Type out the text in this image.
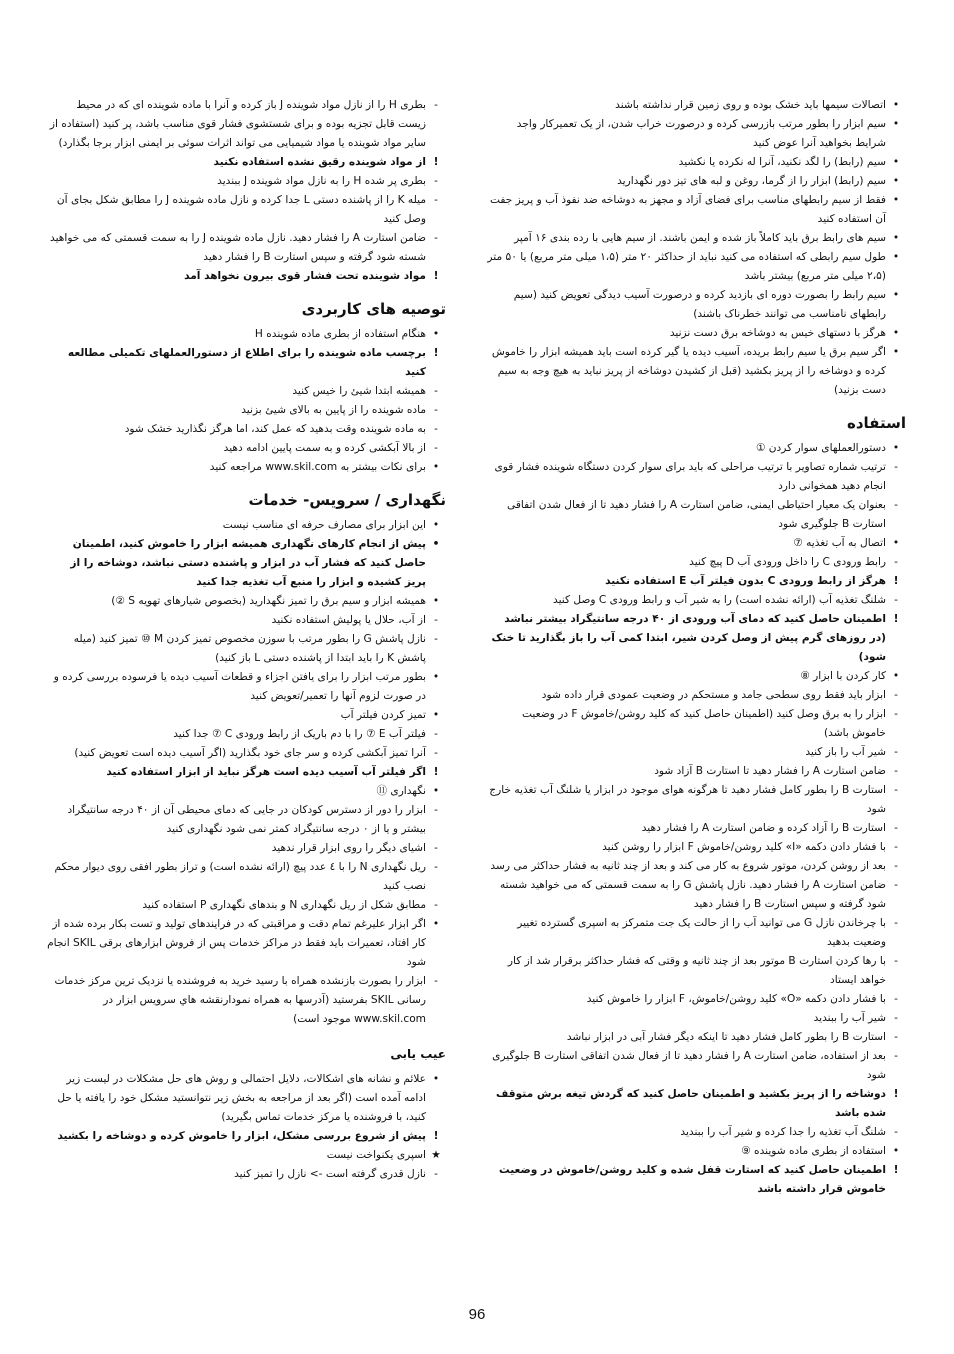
•
اتصالات سیمها باید خشک بوده و روی زمین قرار نداشته باشند
•
سیم ابزار را بطور مرتب بازرسی کرده و درصورت خراب شدن، از یک تعمیرکار واجد شرایط بخواهید آنرا عوض کنید
•
سیم (رابط) را لگد نکنید، آنرا له نکرده یا نکشید
•
سیم (رابط) ابزار را از گرما، روغن و لبه های تیز دور نگهدارید
•
فقط از سیم رابطهای مناسب برای فضای آزاد و مجهز به دوشاخه ضد نفوذ آب و پریز جفت آن استفاده کنید
•
سیم های رابط برق باید کاملاً باز شده و ایمن باشند. از سیم هایی با رده بندی ۱۶ آمپر
•
طول سیم رابطی که استفاده می کنید نباید از حداکثر ۲۰ متر (۱،۵ میلی متر مربع) یا ۵۰ متر (۲،۵ میلی متر مربع) بیشتر باشد
•
سیم رابط را بصورت دوره ای بازدید کرده و درصورت آسیب دیدگی تعویض کنید (سیم رابطهای نامناسب می توانند خطرناک باشند)
•
هرگز با دستهای خیس به دوشاخه برق دست نزنید
•
اگر سیم برق یا سیم رابط بریده، آسیب دیده یا گیر کرده است باید همیشه ابزار را خاموش کرده و دوشاخه را از پریز بکشید (قبل از کشیدن دوشاخه از پریز نباید به هیچ وجه به سیم دست بزنید)
استفاده
•
دستورالعملهای سوار کردن ①
-
ترتیب شماره تصاویر با ترتیب مراحلی که باید برای سوار کردن دستگاه شوینده فشار قوی انجام دهید همخوانی دارد
-
بعنوان یک معیار احتیاطی ایمنی، ضامن استارت A را فشار دهید تا از فعال شدن اتفاقی استارت B جلوگیری شود
•
اتصال به آب تغذیه ⑦
-
رابط ورودی C را داخل ورودی آب D پیچ کنید
!
هرگز از رابط ورودی C بدون فیلتر آب E استفاده نکنید
-
شلنگ تغذیه آب (ارائه نشده است) را به شیر آب و رابط ورودی C وصل کنید
!
اطمینان حاصل کنید که دمای آب ورودی از ۴۰ درجه سانتیگراد بیشتر نباشد (در روزهای گرم پیش از وصل کردن شیر، ابتدا کمی آب را باز بگذارید تا خنک شود)
•
کار کردن با ابزار ⑧
-
ابزار باید فقط روی سطحی جامد و مستحکم در وضعیت عمودی قرار داده شود
-
ابزار را به برق وصل کنید (اطمینان حاصل کنید که کلید روشن/خاموش F در وضعیت خاموش باشد)
-
شیر آب را باز کنید
-
ضامن استارت A را فشار دهید تا استارت B آزاد شود
-
استارت B را بطور کامل فشار دهید تا هرگونه هوای موجود در ابزار یا شلنگ آب تغذیه خارج شود
-
استارت B را آزاد کرده و ضامن استارت A را فشار دهید
-
با فشار دادن دکمه «I» کلید روشن/خاموش F ابزار را روشن کنید
-
بعد از روشن کردن، موتور شروع به کار می کند و بعد از چند ثانیه به فشار حداکثر می رسد
-
ضامن استارت A را فشار دهید. نازل پاشش G را به سمت قسمتی که می خواهید شسته شود گرفته و سپس استارت B را فشار دهید
-
با چرخاندن نازل G می توانید آب را از حالت یک جت متمرکز به اسپری گسترده تغییر وضعیت بدهید
-
با رها کردن استارت B موتور بعد از چند ثانیه و وقتی که فشار حداکثر برقرار شد از کار خواهد ایستاد
-
با فشار دادن دکمه «O» کلید روشن/خاموش، F ابزار را خاموش کنید
-
شیر آب را ببندید
-
استارت B را بطور کامل فشار دهید تا اینکه دیگر فشار آبی در ابزار نباشد
-
بعد از استفاده، ضامن استارت A را فشار دهید تا از فعال شدن اتفاقی استارت B جلوگیری شود
!
دوشاخه را از پریز بکشید و اطمینان حاصل کنید که گردش تیغه برش متوقف شده باشد
-
شلنگ آب تغذیه را جدا کرده و شیر آب را ببندید
•
استفاده از بطری ماده شوینده ⑨
!
اطمینان حاصل کنید که استارت قفل شده و کلید روشن/خاموش در وضعیت خاموش قرار داشته باشد
-
بطری H را از نازل مواد شوینده J باز کرده و آنرا با ماده شوینده ای که در محیط زیست قابل تجزیه بوده و برای شستشوی فشار قوی مناسب باشد، پر کنید (استفاده از سایر مواد شوینده یا مواد شیمیایی می تواند اثرات سوئی بر ایمنی ابزار برجا بگذارد)
!
از مواد شوینده رقیق نشده استفاده نکنید
-
بطری پر شده H را به نازل مواد شوینده J ببندید
-
میله K را از پاشنده دستی L جدا کرده و نازل ماده شوینده J را مطابق شکل بجای آن وصل کنید
-
ضامن استارت A را فشار دهید. نازل ماده شوینده J را به سمت قسمتی که می خواهید شسته شود گرفته و سپس استارت B را فشار دهید
!
مواد شوینده تحت فشار قوی بیرون نخواهد آمد
توصیه های کاربردی
•
هنگام استفاده از بطری ماده شوینده H
!
برچسب ماده شوینده را برای اطلاع از دستورالعملهای تکمیلی مطالعه کنید
-
همیشه ابتدا شیئ را خیس کنید
-
ماده شوینده را از پایین به بالای شیئ بزنید
-
به ماده شوینده وقت بدهید که عمل کند، اما هرگز نگذارید خشک شود
-
از بالا آبکشی کرده و به سمت پایین ادامه دهید
•
برای نکات بیشتر به www.skil.com مراجعه کنید
نگهداری / سرویس- خدمات
•
این ابزار برای مصارف حرفه ای مناسب نیست
•
پیش از انجام کارهای نگهداری همیشه ابزار را خاموش کنید، اطمینان حاصل کنید که فشار آب در ابزار و پاشنده دستی نباشد، دوشاخه را از پریز کشیده و ابزار را منبع آب تغذیه جدا کنید
•
همیشه ابزار و سیم برق را تمیز نگهدارید (بخصوص شیارهای تهویه S ②)
-
از آب، حلال یا پولیش استفاده نکنید
-
نازل پاشش G را بطور مرتب با سوزن مخصوص تمیز کردن M ⑩ تمیز کنید (میله پاشش K را باید ابتدا از پاشنده دستی L باز کنید)
•
بطور مرتب ابزار را برای یافتن اجزاء و قطعات آسیب دیده یا فرسوده بررسی کرده و در صورت لزوم آنها را تعمیر/تعویض کنید
•
تمیز کردن فیلتر آب
-
فیلتر آب E ⑦ را با دم باریک از رابط ورودی C ⑦ جدا کنید
-
آنرا تمیز آبکشی کرده و سر جای خود بگذارید (اگر آسیب دیده است تعویض کنید)
!
اگر فیلتر آب آسیب دیده است هرگز نباید از ابزار استفاده کنید
•
نگهداری ⑪
-
ابزار را دور از دسترس کودکان در جایی که دمای محیطی آن از ۴۰ درجه سانتیگراد بیشتر و یا از ۰ درجه سانتیگراد کمتر نمی شود نگهداری کنید
-
اشیای دیگر را روی ابزار قرار ندهید
-
ریل نگهداری N را با ٤ عدد پیچ (ارائه نشده است) و تراز بطور افقی روی دیوار محکم نصب کنید
-
مطابق شکل از ریل نگهداری N و بندهای نگهداری P استفاده کنید
•
اگر ابزار علیرغم تمام دقت و مراقبتی که در فرایندهای تولید و تست بکار برده شده از کار افتاد، تعمیرات باید فقط در مراکز خدمات پس از فروش ابزارهای برقی SKIL انجام شود
-
ابزار را بصورت بازنشده همراه با رسید خرید به فروشنده یا نزدیک ترین مرکز خدمات رسانی SKIL بفرستید (آدرسها به همراه نمودارنقشه هاي سرويس ابزار در www.skil.com موجود است)
عیب یابی
•
علائم و نشانه های اشکالات، دلایل احتمالی و روش های حل مشکلات در لیست زیر ادامه آمده است (اگر بعد از مراجعه به بخش زیر نتوانستید مشکل خود را یافته یا حل کنید، با فروشنده یا مرکز خدمات تماس بگیرید)
!
پیش از شروع بررسی مشکل، ابزار را خاموش کرده و دوشاخه را بکشید
★
اسپری یکنواخت نیست
-
نازل قدری گرفته است -> نازل را تمیز کنید
96
